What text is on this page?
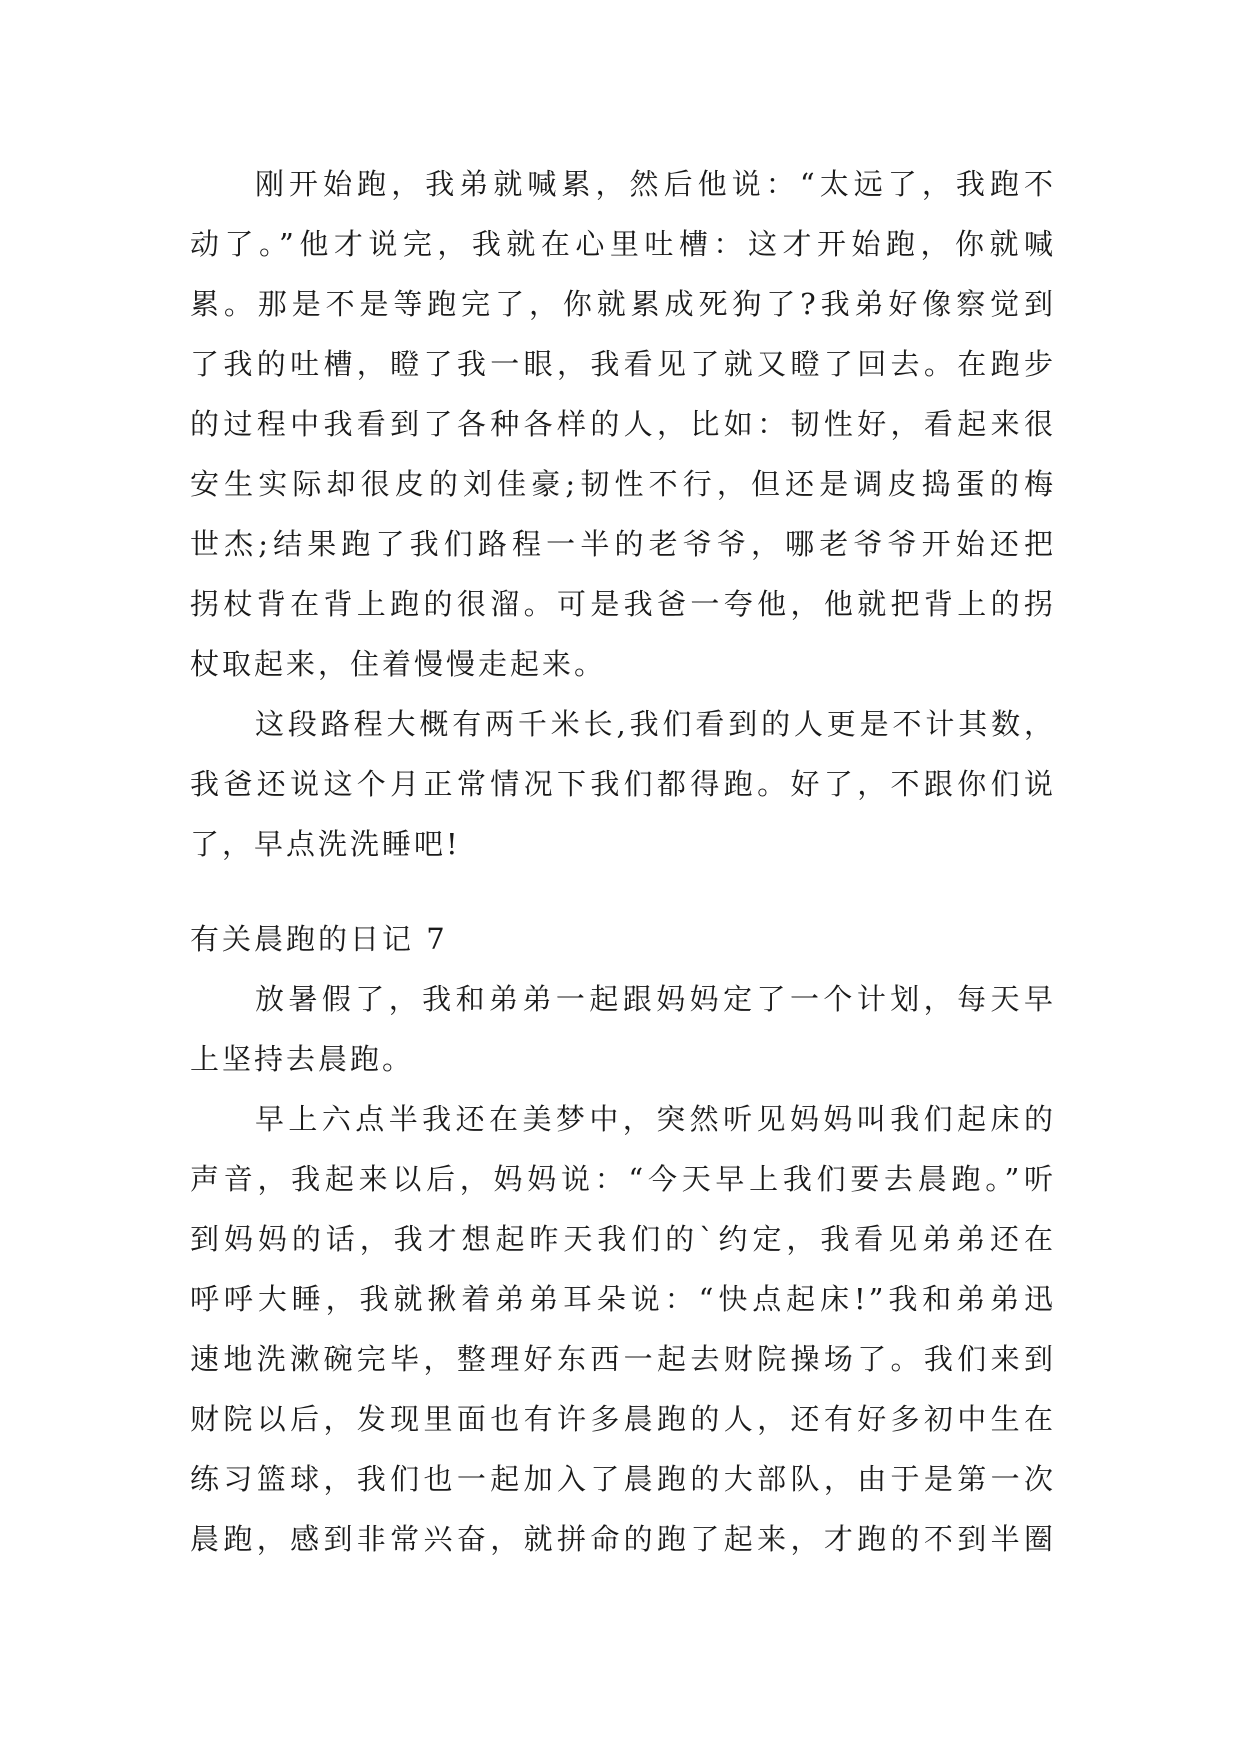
刚开始跑，我弟就喊累，然后他说：“太远了，我跑不
动了。”他才说完，我就在心里吐槽：这才开始跑，你就喊
累。那是不是等跑完了，你就累成死狗了?我弟好像察觉到
了我的吐槽，瞪了我一眼，我看见了就又瞪了回去。在跑步
的过程中我看到了各种各样的人，比如：韧性好，看起来很
安生实际却很皮的刘佳豪;韧性不行，但还是调皮捣蛋的梅
世杰;结果跑了我们路程一半的老爷爷，哪老爷爷开始还把
拐杖背在背上跑的很溜。可是我爸一夸他，他就把背上的拐
杖取起来，住着慢慢走起来。
这段路程大概有两千米长,我们看到的人更是不计其数，
我爸还说这个月正常情况下我们都得跑。好了，不跟你们说
了，早点洗洗睡吧!
有关晨跑的日记 7
放暑假了，我和弟弟一起跟妈妈定了一个计划，每天早
上坚持去晨跑。
早上六点半我还在美梦中，突然听见妈妈叫我们起床的
声音，我起来以后，妈妈说：“今天早上我们要去晨跑。”听
到妈妈的话，我才想起昨天我们的`约定，我看见弟弟还在
呼呼大睡，我就揪着弟弟耳朵说：“快点起床!”我和弟弟迅
速地洗漱碗完毕，整理好东西一起去财院操场了。我们来到
财院以后，发现里面也有许多晨跑的人，还有好多初中生在
练习篮球，我们也一起加入了晨跑的大部队，由于是第一次
晨跑，感到非常兴奋，就拼命的跑了起来，才跑的不到半圈
